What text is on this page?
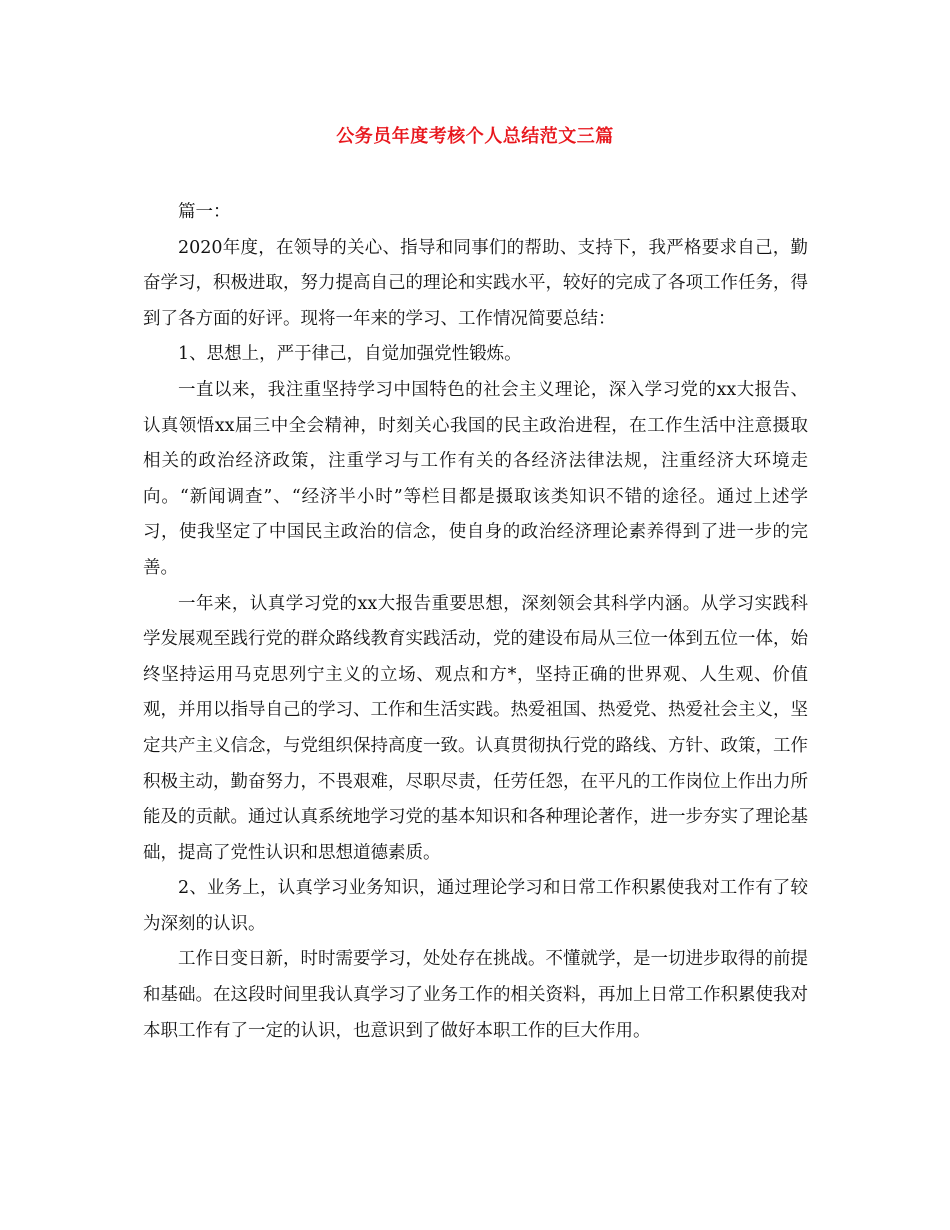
公务员年度考核个人总结范文三篇

篇一：

2020年度，在领导的关心、指导和同事们的帮助、支持下，我严格要求自己，勤奋学习，积极进取，努力提高自己的理论和实践水平，较好的完成了各项工作任务，得到了各方面的好评。现将一年来的学习、工作情况简要总结：

1、思想上，严于律己，自觉加强党性锻炼。

一直以来，我注重坚持学习中国特色的社会主义理论，深入学习党的xx大报告、认真领悟xx届三中全会精神，时刻关心我国的民主政治进程，在工作生活中注意摄取相关的政治经济政策，注重学习与工作有关的各经济法律法规，注重经济大环境走向。“新闻调查”、“经济半小时”等栏目都是摄取该类知识不错的途径。通过上述学习，使我坚定了中国民主政治的信念，使自身的政治经济理论素养得到了进一步的完善。

一年来，认真学习党的xx大报告重要思想，深刻领会其科学内涵。从学习实践科学发展观至践行党的群众路线教育实践活动，党的建设布局从三位一体到五位一体，始终坚持运用马克思列宁主义的立场、观点和方*，坚持正确的世界观、人生观、价值观，并用以指导自己的学习、工作和生活实践。热爱祖国、热爱党、热爱社会主义，坚定共产主义信念，与党组织保持高度一致。认真贯彻执行党的路线、方针、政策，工作积极主动，勤奋努力，不畏艰难，尽职尽责，任劳任怨，在平凡的工作岗位上作出力所能及的贡献。通过认真系统地学习党的基本知识和各种理论著作，进一步夯实了理论基础，提高了党性认识和思想道德素质。

2、业务上，认真学习业务知识，通过理论学习和日常工作积累使我对工作有了较为深刻的认识。

工作日变日新，时时需要学习，处处存在挑战。不懂就学，是一切进步取得的前提和基础。在这段时间里我认真学习了业务工作的相关资料，再加上日常工作积累使我对本职工作有了一定的认识，也意识到了做好本职工作的巨大作用。
